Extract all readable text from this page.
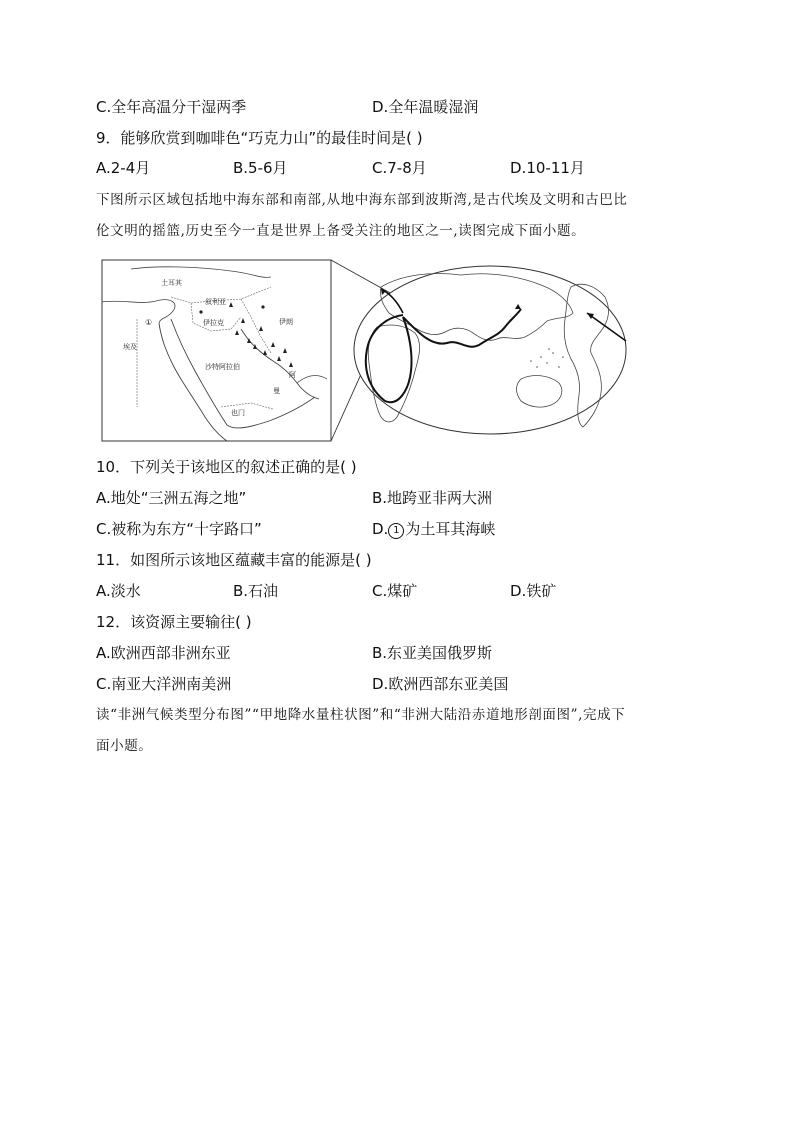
C.全年高温分干湿两季	D.全年温暖湿润
9．能够欣赏到咖啡色“巧克力山”的最佳时间是( )
A.2-4月	B.5-6月	C.7-8月	D.10-11月
下图所示区域包括地中海东部和南部,从地中海东部到波斯湾,是古代埃及文明和古巴比
伦文明的摇篮,历史至今一直是世界上备受关注的地区之一,读图完成下面小题。
土耳其
叙利亚
伊拉克	伊朗
埃及
沙特阿拉伯
也门
阿
曼
①
10．下列关于该地区的叙述正确的是( )
A.地处“三洲五海之地”	B.地跨亚非两大洲
C.被称为东方“十字路口”	D. 1 为土耳其海峡
11．如图所示该地区蕴藏丰富的能源是( )
A.淡水	B.石油	C.煤矿	D.铁矿
12．该资源主要输往( )
A.欧洲西部非洲东亚	B.东亚美国俄罗斯
C.南亚大洋洲南美洲	D.欧洲西部东亚美国
读“非洲气候类型分布图”“甲地降水量柱状图”和“非洲大陆沿赤道地形剖面图”,完成下
面小题。
